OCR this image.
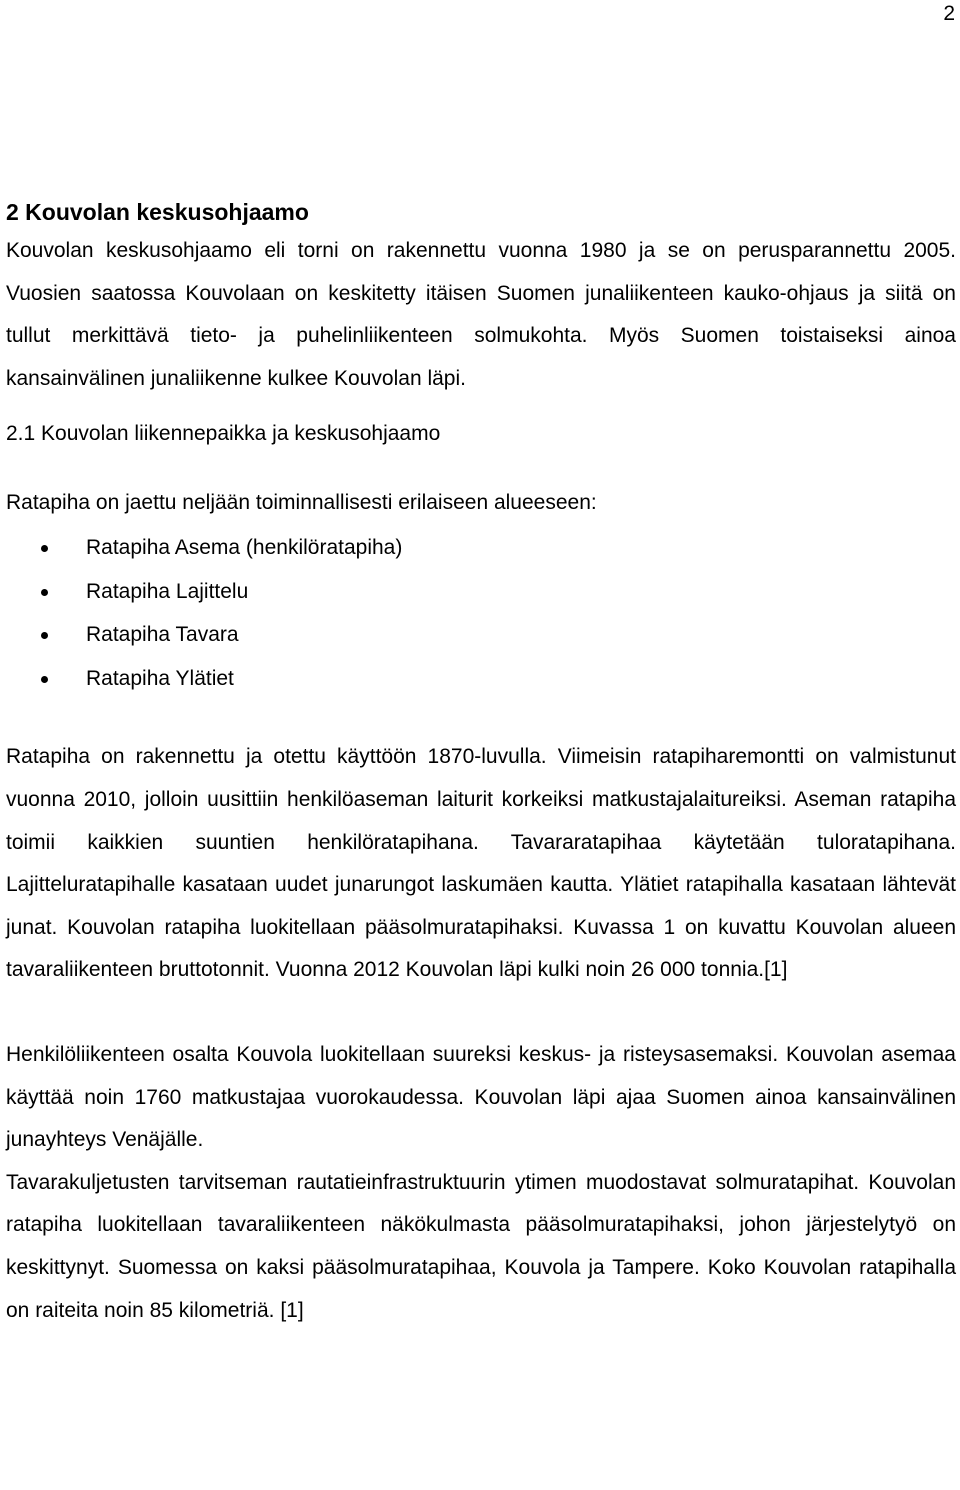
2
2 Kouvolan keskusohjaamo

Kouvolan keskusohjaamo eli torni on rakennettu vuonna 1980 ja se on perusparannettu 2005. Vuosien saatossa Kouvolaan on keskitetty itäisen Suomen junaliikenteen kauko-ohjaus ja siitä on tullut merkittävä tieto- ja puhelinliikenteen solmukohta. Myös Suomen toistaiseksi ainoa kansainvälinen junaliikenne kulkee Kouvolan läpi.

2.1 Kouvolan liikennepaikka ja keskusohjaamo

Ratapiha on jaettu neljään toiminnallisesti erilaiseen alueeseen:

Ratapiha Asema (henkilöratapiha)
Ratapiha Lajittelu
Ratapiha Tavara
Ratapiha Ylätiet

Ratapiha on rakennettu ja otettu käyttöön 1870-luvulla. Viimeisin ratapiharemontti on valmistunut vuonna 2010, jolloin uusittiin henkilöaseman laiturit korkeiksi matkustajalaitureiksi. Aseman ratapiha toimii kaikkien suuntien henkilöratapihana. Tavararatapihaa käytetään tuloratapihana. Lajitteluratapihalle kasataan uudet junarungot laskumäen kautta. Ylätiet ratapihalla kasataan lähtevät junat. Kouvolan ratapiha luokitellaan pääsolmuratapihaksi. Kuvassa 1 on kuvattu Kouvolan alueen tavaraliikenteen bruttotonnit. Vuonna 2012 Kouvolan läpi kulki noin 26 000 tonnia.[1]

Henkilöliikenteen osalta Kouvola luokitellaan suureksi keskus- ja risteysasemaksi. Kouvolan asemaa käyttää noin 1760 matkustajaa vuorokaudessa. Kouvolan läpi ajaa Suomen ainoa kansainvälinen junayhteys Venäjälle.

Tavarakuljetusten tarvitseman rautatieinfrastruktuurin ytimen muodostavat solmuratapihat. Kouvolan ratapiha luokitellaan tavaraliikenteen näkökulmasta pääsolmuratapihaksi, johon järjestelytyö on keskittynyt. Suomessa on kaksi pääsolmuratapihaa, Kouvola ja Tampere. Koko Kouvolan ratapihalla on raiteita noin 85 kilometriä. [1]
